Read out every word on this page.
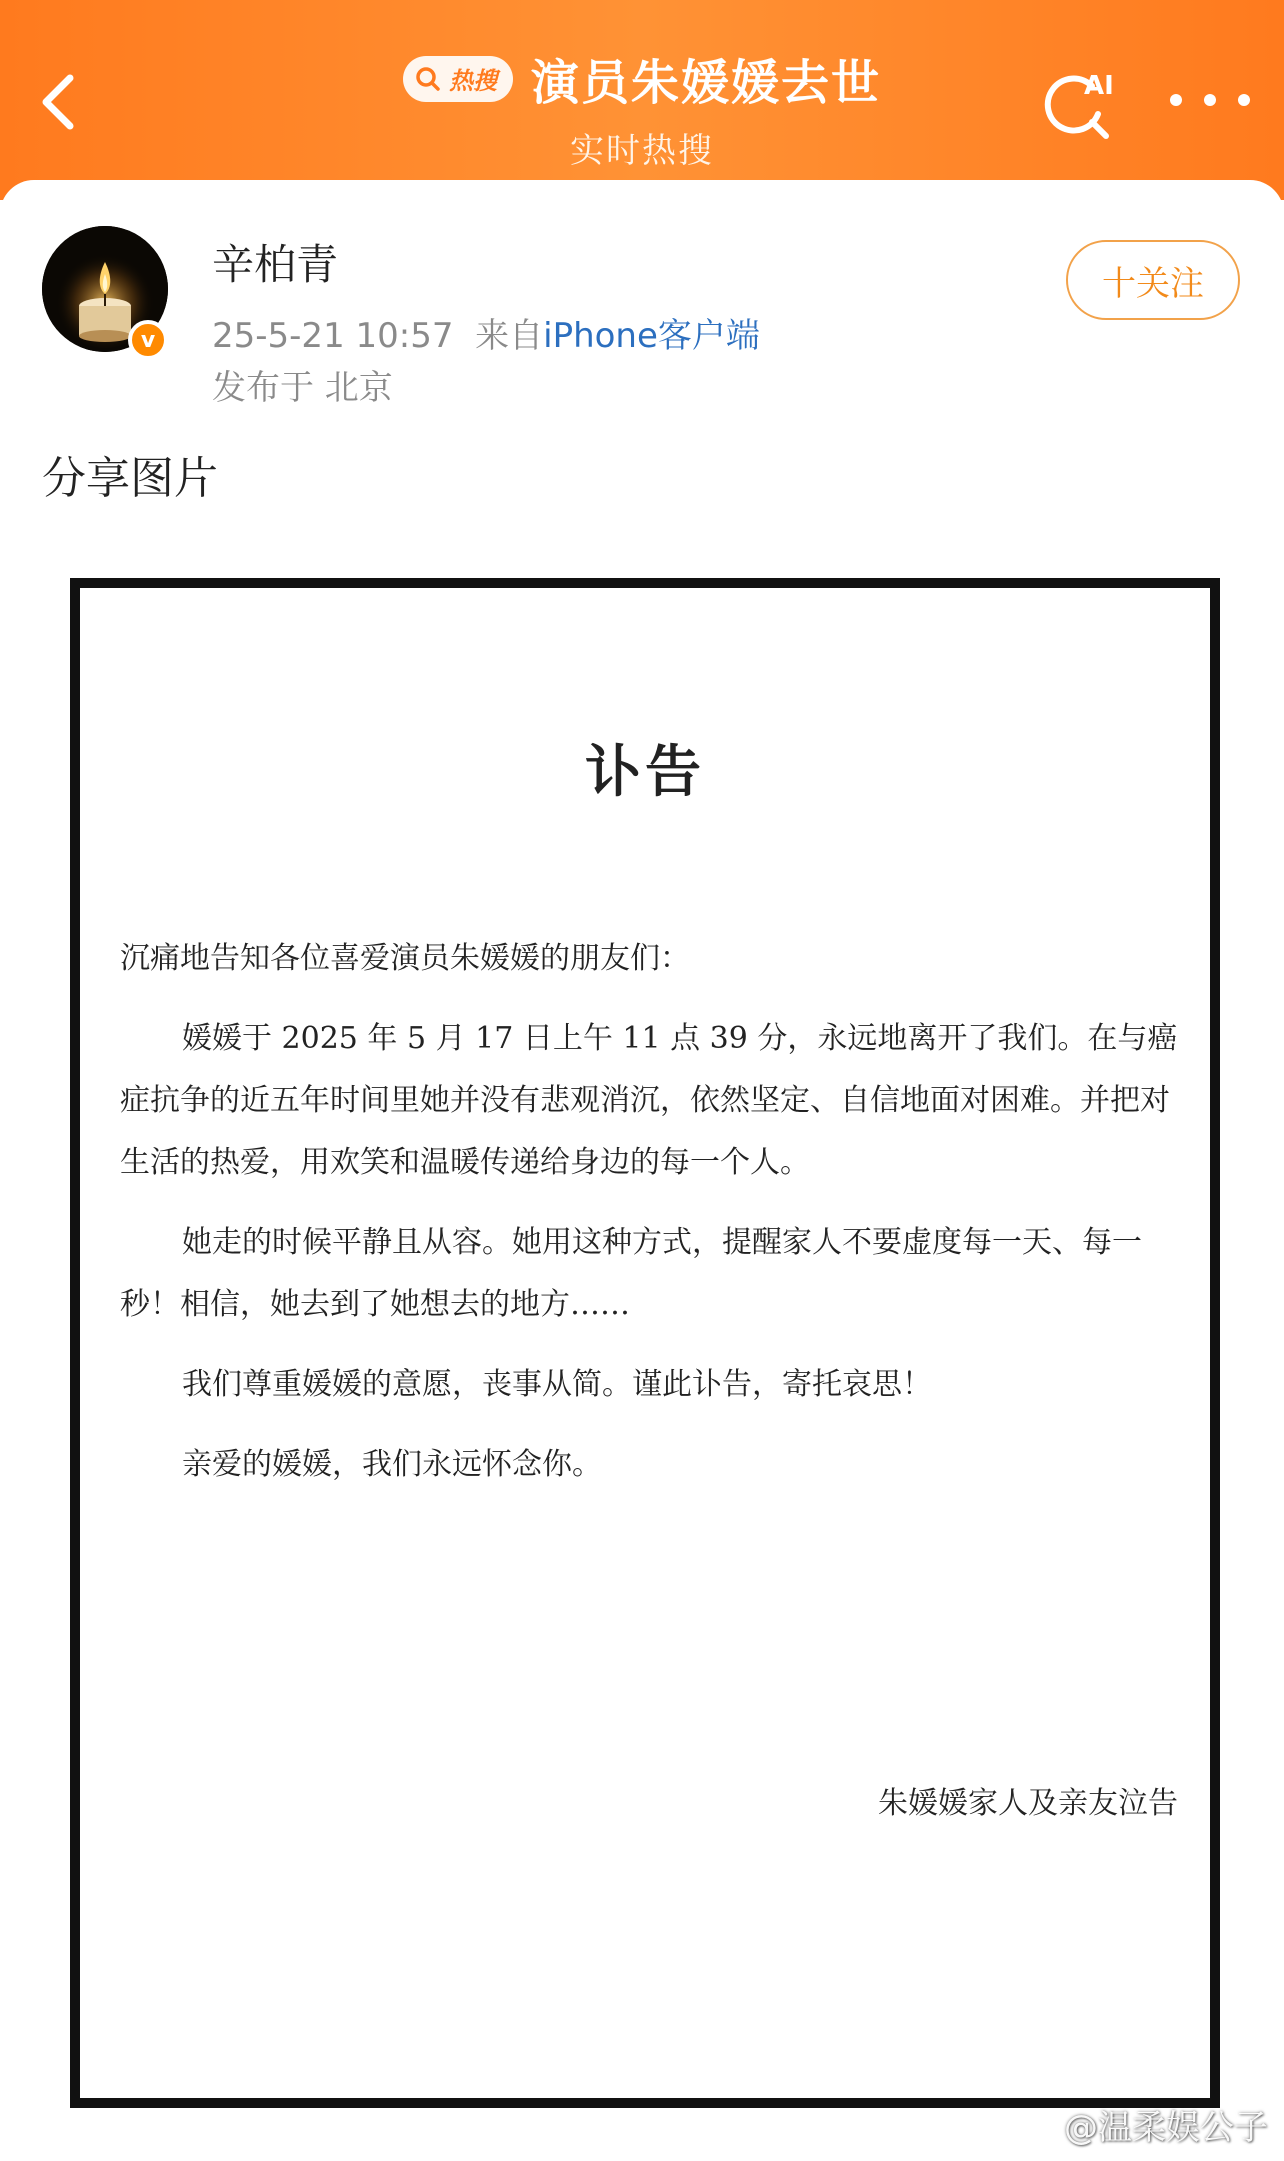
热搜 演员朱媛媛去世
实时热搜
AI
v
辛柏青
25-5-21 10:57 来自iPhone客户端
发布于 北京
十关注
分享图片
讣告

沉痛地告知各位喜爱演员朱媛媛的朋友们：

媛媛于 2025 年 5 月 17 日上午 11 点 39 分，永远地离开了我们。在与癌症抗争的近五年时间里她并没有悲观消沉，依然坚定、自信地面对困难。并把对生活的热爱，用欢笑和温暖传递给身边的每一个人。

她走的时候平静且从容。她用这种方式，提醒家人不要虚度每一天、每一秒！相信，她去到了她想去的地方……

我们尊重媛媛的意愿，丧事从简。谨此讣告，寄托哀思！

亲爱的媛媛，我们永远怀念你。

朱媛媛家人及亲友泣告
@温柔娱公子
